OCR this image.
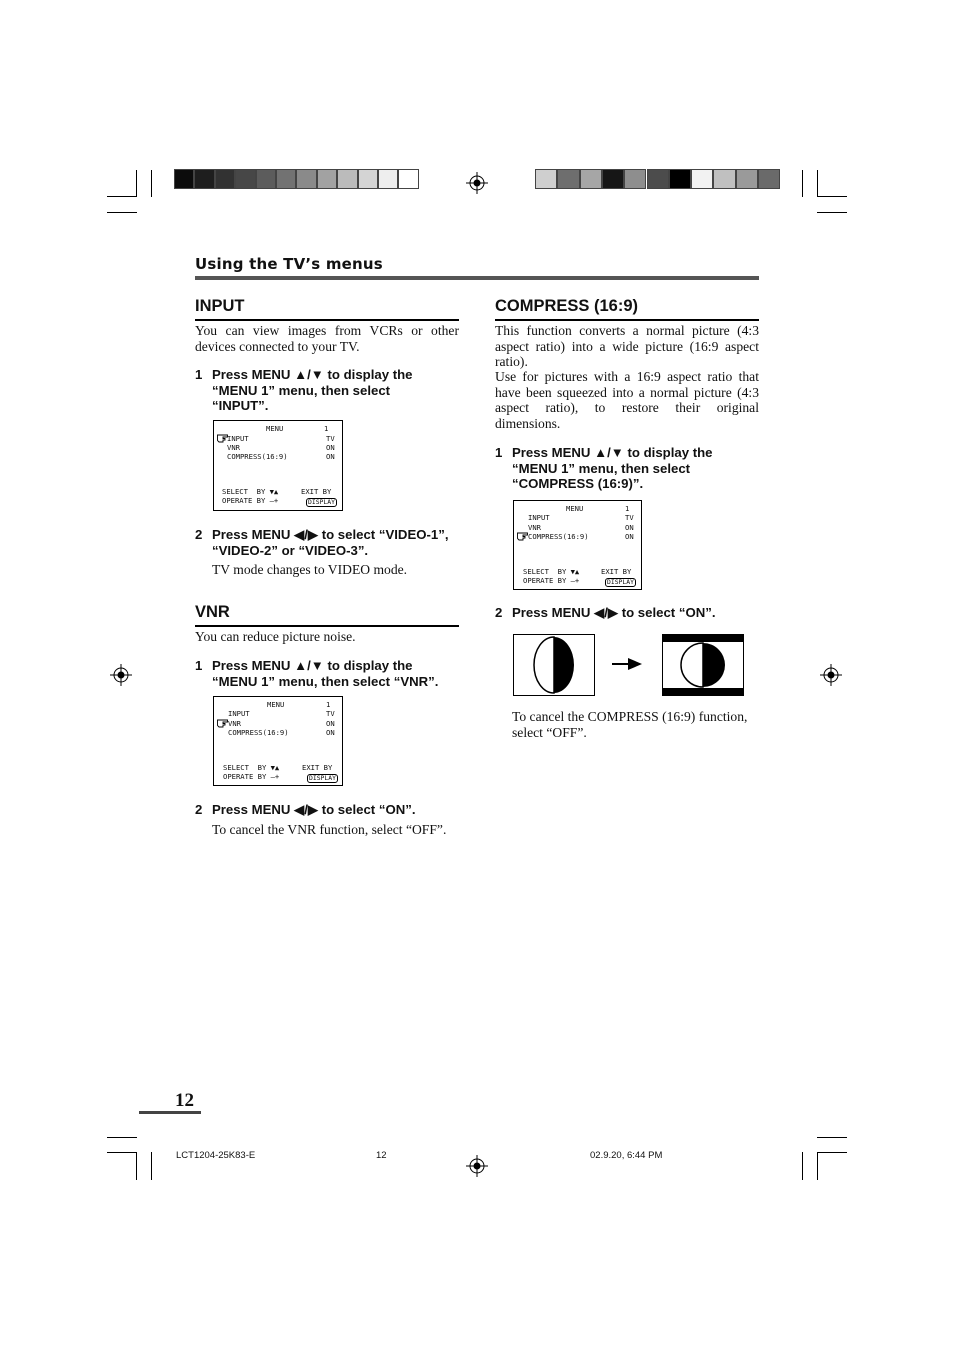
Using the TV’s menus
INPUT
You can view images from VCRs or other devices connected to your TV.
1 Press MENU ▲/▼ to display the
“MENU 1” menu, then select
“INPUT”.
MENU	1
INPUT	TV
VNR	ON
COMPRESS(16:9)	ON
SELECT  BY ▼▲	EXIT BY
OPERATE BY –+	DISPLAY
2 Press MENU ◀/▶ to select “VIDEO-1”,
“VIDEO-2” or “VIDEO-3”.
TV mode changes to VIDEO mode.
VNR
You can reduce picture noise.
1 Press MENU ▲/▼ to display the
“MENU 1” menu, then select “VNR”.
MENU	1
INPUT	TV
VNR	ON
COMPRESS(16:9)	ON
SELECT  BY ▼▲	EXIT BY
OPERATE BY –+	DISPLAY
2 Press MENU ◀/▶ to select “ON”.
To cancel the VNR function, select “OFF”.
COMPRESS (16:9)
This function converts a normal picture (4:3 aspect ratio) into a wide picture (16:9 aspect ratio).
Use for pictures with a 16:9 aspect ratio that have been squeezed into a normal picture (4:3 aspect ratio), to restore their original dimensions.
1 Press MENU ▲/▼ to display the
“MENU 1” menu, then select
“COMPRESS (16:9)”.
MENU	1
INPUT	TV
VNR	ON
COMPRESS(16:9)	ON
SELECT  BY ▼▲	EXIT BY
OPERATE BY –+	DISPLAY
2 Press MENU ◀/▶ to select “ON”.
To cancel the COMPRESS (16:9) function,
select “OFF”.
12
LCT1204-25K83-E	12	02.9.20, 6:44 PM
